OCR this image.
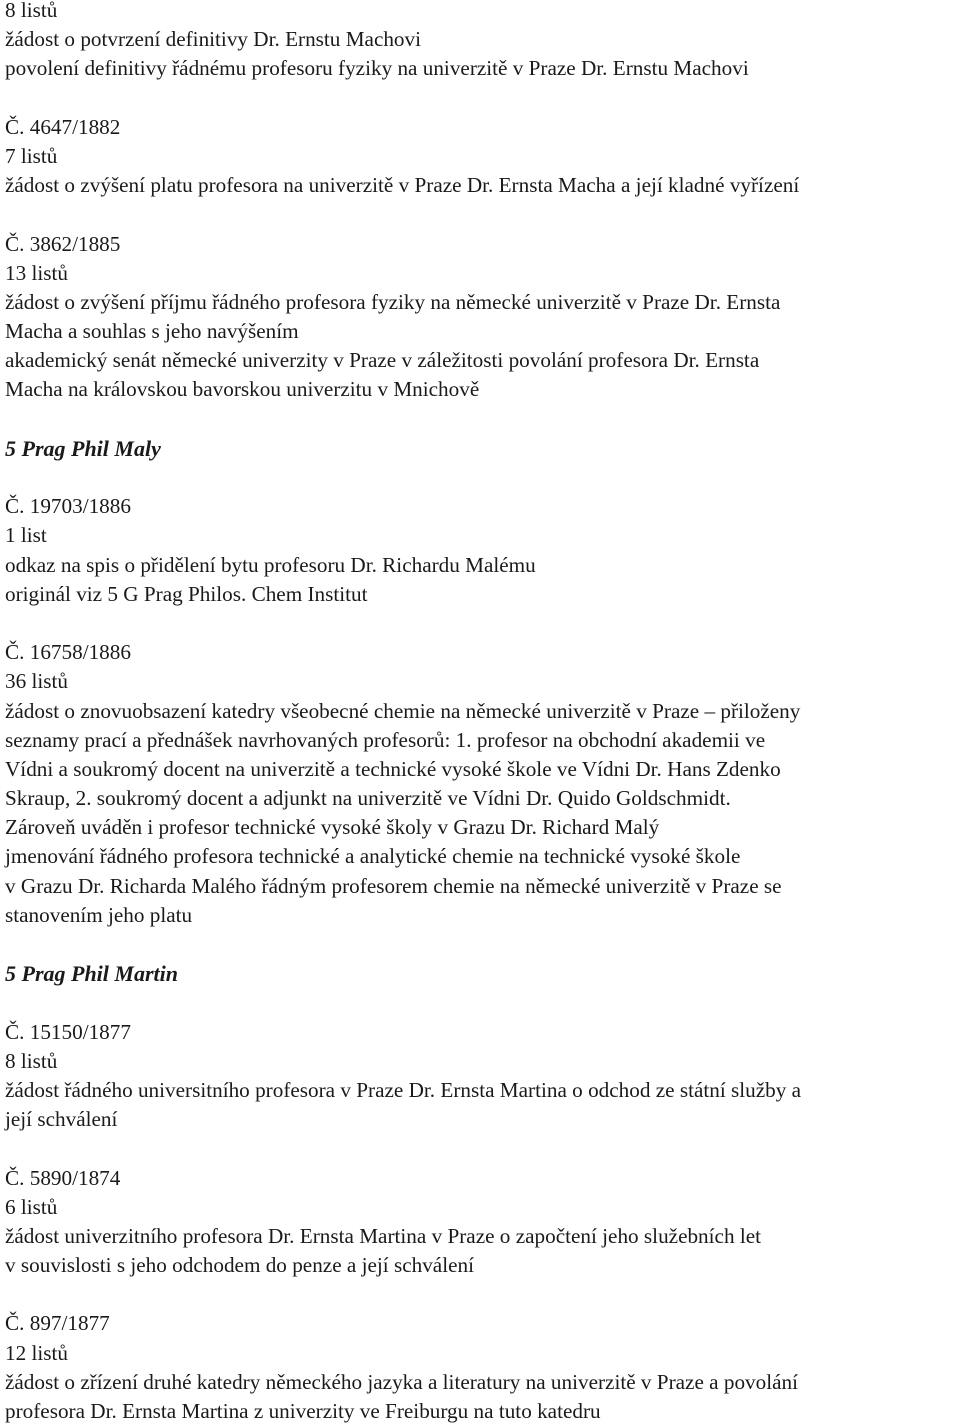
8 listů
žádost o potvrzení definitivy Dr. Ernstu Machovi
povolení definitivy řádnému profesoru fyziky na univerzitě v Praze Dr. Ernstu Machovi
Č. 4647/1882
7 listů
žádost o zvýšení platu profesora na univerzitě v Praze Dr. Ernsta Macha a její kladné vyřízení
Č. 3862/1885
13 listů
žádost o zvýšení příjmu řádného profesora fyziky na německé univerzitě v Praze Dr. Ernsta
Macha a souhlas s jeho navýšením
akademický senát německé univerzity v Praze v záležitosti povolání profesora Dr. Ernsta
Macha na královskou bavorskou univerzitu v Mnichově
5 Prag Phil Maly
Č. 19703/1886
1 list
odkaz na spis o přidělení bytu profesoru Dr. Richardu Malému
originál viz 5 G Prag Philos. Chem Institut
Č. 16758/1886
36 listů
žádost o znovuobsazení katedry všeobecné chemie na německé univerzitě v Praze – přiloženy
seznamy prací a přednášek navrhovaných profesorů: 1. profesor na obchodní akademii ve
Vídni a soukromý docent na univerzitě a technické vysoké škole ve Vídni Dr. Hans Zdenko
Skraup, 2. soukromý docent a adjunkt na univerzitě ve Vídni Dr. Quido Goldschmidt.
Zároveň uváděn i profesor technické vysoké školy v Grazu Dr. Richard Malý
jmenování řádného profesora technické a analytické chemie na technické vysoké škole
v Grazu Dr. Richarda Malého řádným profesorem chemie na německé univerzitě v Praze se
stanovením jeho platu
5 Prag Phil Martin
Č. 15150/1877
8 listů
žádost řádného universitního profesora v Praze Dr. Ernsta Martina o odchod ze státní služby a
její schválení
Č. 5890/1874
6 listů
žádost univerzitního profesora Dr. Ernsta Martina v Praze o započtení jeho služebních let
v souvislosti s jeho odchodem do penze a její schválení
Č. 897/1877
12 listů
žádost o zřízení druhé katedry německého jazyka a literatury na univerzitě v Praze a povolání
profesora Dr. Ernsta Martina z univerzity ve Freiburgu na tuto katedru
